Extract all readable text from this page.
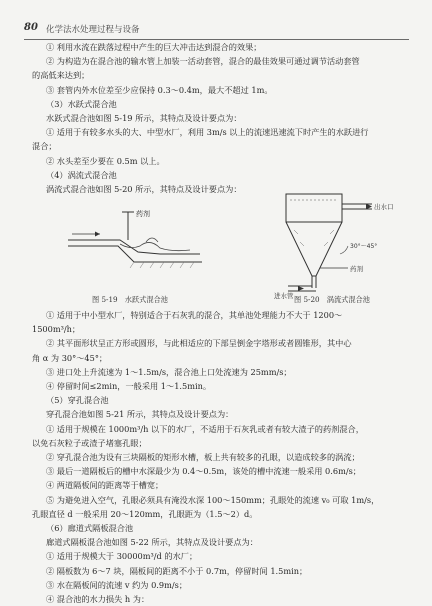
80 化学法水处理过程与设备
① 利用水流在跌落过程中产生的巨大冲击达到混合的效果；
② 为构造为在混合池的输水管上加装一活动套管，混合的最佳效果可通过调节活动套管
的高低来达到；
③ 套管内外水位差至少应保持 0.3～0.4m，最大不超过 1m。
（3）水跃式混合池
水跃式混合池如图 5-19 所示，其特点及设计要点为：
① 适用于有较多水头的大、中型水厂，利用 3m/s 以上的流速迅速流下时产生的水跃进行
混合；
② 水头差至少要在 0.5m 以上。
（4）涡流式混合池
涡流式混合池如图 5-20 所示，其特点及设计要点为：
药剂
图 5-19　水跃式混合池
出水口
30°～45°
药剂
进水管 图 5-20　涡流式混合池
① 适用于中小型水厂，特别适合于石灰乳的混合，其单池处理能力不大于 1200～
1500m³/h；
② 其平面形状呈正方形或圆形，与此相适应的下部呈倒金字塔形或者圆锥形，其中心
角 α 为 30°～45°；
③ 进口处上升流速为 1～1.5m/s，混合池上口处流速为 25mm/s；
④ 停留时间≤2min，一般采用 1～1.5min。
（5）穿孔混合池
穿孔混合池如图 5-21 所示，其特点及设计要点为：
① 适用于规模在 1000m³/h 以下的水厂，不适用于石灰乳或者有较大渣子的药剂混合，
以免石灰粒子或渣子堵塞孔眼；
② 穿孔混合池为设有三块隔板的矩形水槽，板上共有较多的孔眼，以造成较多的涡流；
③ 最后一道隔板后的槽中水深最少为 0.4～0.5m，该处的槽中流速一般采用 0.6m/s；
④ 两道隔板间的距离等于槽宽；
⑤ 为避免进入空气，孔眼必须具有淹没水深 100～150mm；孔眼处的流速 v₀ 可取 1m/s，
孔眼直径 d 一般采用 20～120mm，孔眼距为（1.5～2）d。
（6）廊道式隔板混合池
廊道式隔板混合池如图 5-22 所示，其特点及设计要点为：
① 适用于规模大于 30000m³/d 的水厂；
② 隔板数为 6～7 块，隔板间的距离不小于 0.7m，停留时间 1.5min；
③ 水在隔板间的流速 v 约为 0.9m/s；
④ 混合池的水力损失 h 为：
